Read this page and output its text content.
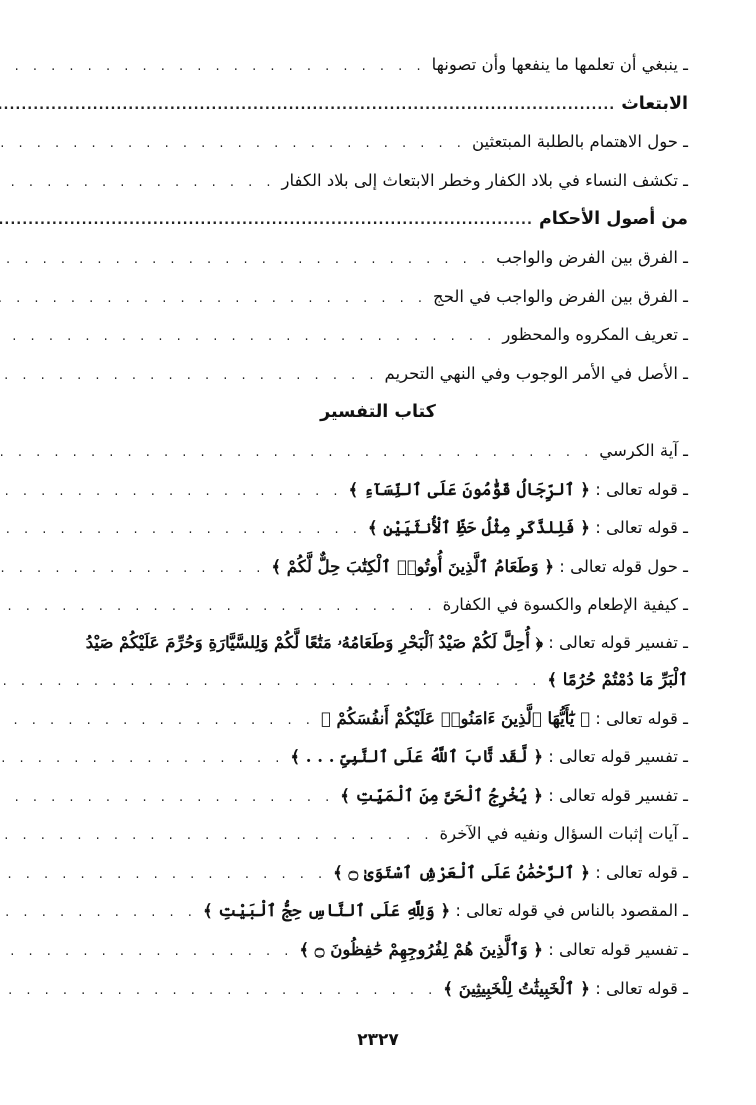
ـ ينبغي أن تعلمها ما ينفعها وأن تصونها
. . .
الابتعاث
.....
ـ حول الاهتمام بالطلبة المبتعثين
. . .
ـ تكشف النساء في بلاد الكفار وخطر الابتعاث إلى بلاد الكفار
. . .
من أصول الأحكام
.....
ـ الفرق بين الفرض والواجب
. . .
ـ الفرق بين الفرض والواجب في الحج
. . .
ـ تعريف المكروه والمحظور
. . .
ـ الأصل في الأمر الوجوب وفي النهي التحريم
. . .
كتاب التفسير
ـ آية الكرسي
. . .
ـ قوله تعالى : ﴿ ٱلرِّجَالُ قَوَّٰمُونَ عَلَى ٱلنِّسَآءِ ﴾
. . .
ـ قوله تعالى : ﴿ فَلِلذَّكَرِ مِثْلُ حَظِّ ٱلْأُنثَيَيْنِ ﴾
. . .
ـ حول قوله تعالى : ﴿ وَطَعَامُ ٱلَّذِينَ أُوتُوا۟ ٱلْكِتَٰبَ حِلٌّ لَّكُمْ ﴾
. . .
ـ كيفية الإطعام والكسوة في الكفارة
. . .
ـ تفسير قوله تعالى : ﴿ أُحِلَّ لَكُمْ صَيْدُ ٱلْبَحْرِ وَطَعَامُهُۥ مَتَٰعًا لَّكُمْ وَلِلسَّيَّارَةِ وَحُرِّمَ عَلَيْكُمْ صَيْدُ
ٱلْبَرِّ مَا دُمْتُمْ حُرُمًا ﴾
. . .
ـ قوله تعالى : ﴿ يَٰٓأَيُّهَا ٱلَّذِينَ ءَامَنُوا۟ عَلَيْكُمْ أَنفُسَكُمْ ﴾
. . .
ـ تفسير قوله تعالى : ﴿ لَّقَد تَّابَ ٱللَّهُ عَلَى ٱلنَّبِىِّ . . . ﴾
. . .
ـ تفسير قوله تعالى : ﴿ يُخْرِجُ ٱلْحَىَّ مِنَ ٱلْمَيِّتِ ﴾
. . .
ـ آيات إثبات السؤال ونفيه في الآخرة
. . .
ـ قوله تعالى : ﴿ ٱلرَّحْمَٰنُ عَلَى ٱلْعَرْشِ ٱسْتَوَىٰ ۝ ﴾
. . .
ـ المقصود بالناس في قوله تعالى : ﴿ وَلِلَّهِ عَلَى ٱلنَّاسِ حِجُّ ٱلْبَيْتِ ﴾
. . .
ـ تفسير قوله تعالى : ﴿ وَٱلَّذِينَ هُمْ لِفُرُوجِهِمْ حَٰفِظُونَ ۝ ﴾
. . .
ـ قوله تعالى : ﴿ ٱلْخَبِيثَٰتُ لِلْخَبِيثِينَ ﴾
. . .
٢٣٢٧
